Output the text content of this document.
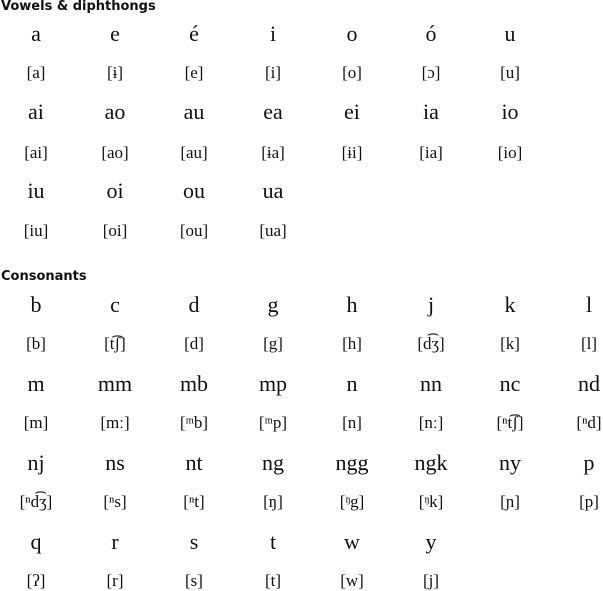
Vowels & diphthongs
Consonants
a	e	é	i	o	ó	u
[a]	[ɨ]	[e]	[i]	[o]	[ɔ]	[u]
ai	ao	au	ea	ei	ia	io
[ai]	[ao]	[au]	[ɨa]	[ɨi]	[ia]	[io]
iu	oi	ou	ua
[iu]	[oi]	[ou]	[ua]
b	c	d	g	h	j	k	l
[b]	[t͡ʃ]	[d]	[g]	[h]	[d͡ʒ]	[k]	[l]
m	mm	mb	mp	n	nn	nc	nd
[m]	[mː]	[ᵐb]	[ᵐp]	[n]	[nː]	[ⁿt͡ʃ]	[ⁿd]
nj	ns	nt	ng	ngg	ngk	ny	p
[ⁿd͡ʒ]	[ⁿs]	[ⁿt]	[ŋ]	[ᵑg]	[ᵑk]	[ɲ]	[p]
q	r	s	t	w	y
[ʔ]	[r]	[s]	[t]	[w]	[j]
